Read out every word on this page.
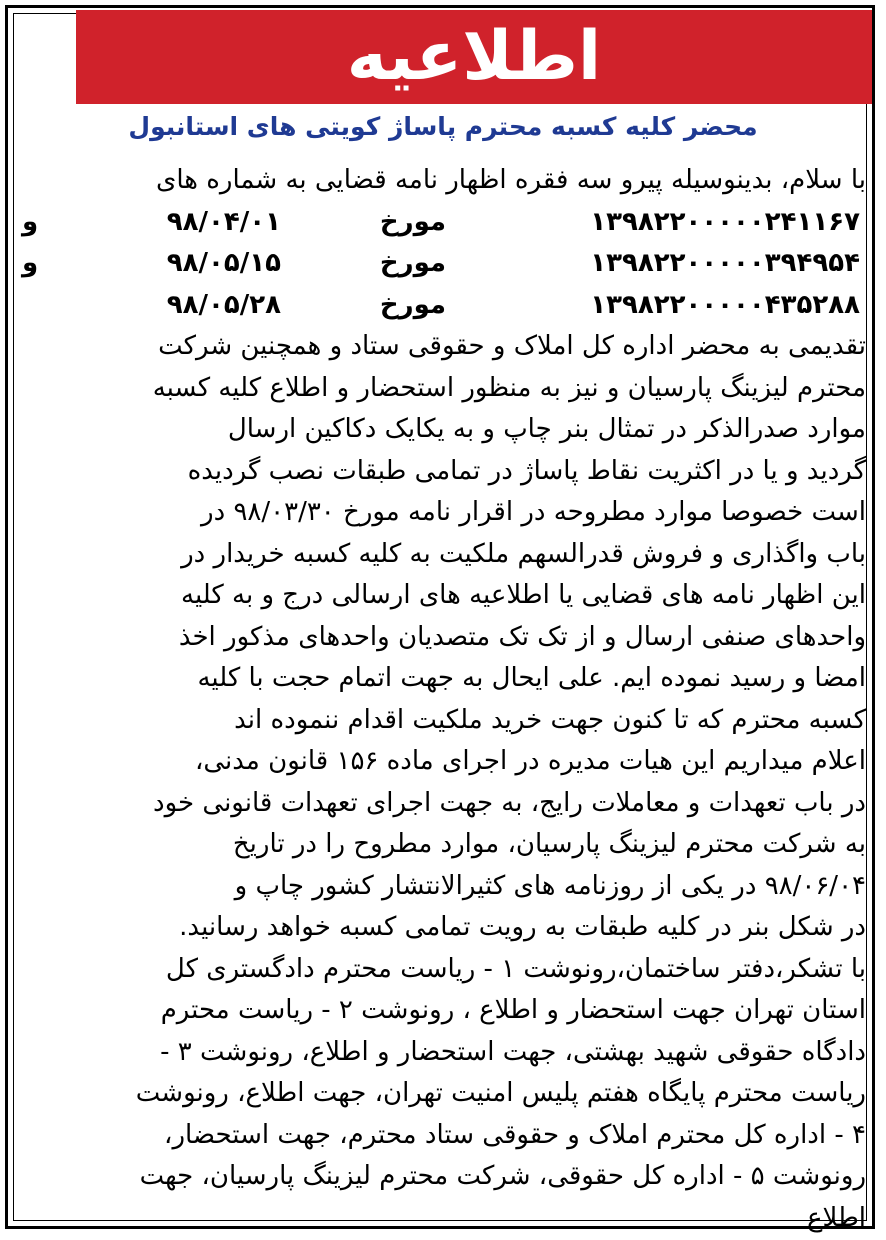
اطلاعیه
محضر کلیه کسبه محترم پاساژ کویتی های استانبول
با سلام، بدینوسیله پیرو سه فقره اظهار نامه قضایی به شماره های
۱۳۹۸۲۲۰۰۰۰۰۲۴۱۱۶۷
مورخ
۹۸/۰۴/۰۱
و
۱۳۹۸۲۲۰۰۰۰۰۳۹۴۹۵۴
مورخ
۹۸/۰۵/۱۵
و
۱۳۹۸۲۲۰۰۰۰۰۴۳۵۲۸۸
مورخ
۹۸/۰۵/۲۸
تقدیمی به محضر اداره کل املاک و حقوقی ستاد و همچنین شرکت
محترم لیزینگ پارسیان و نیز به منظور استحضار و اطلاع کلیه کسبه
موارد صدرالذکر در تمثال بنر چاپ و به یکایک دکاکین ارسال
گردید و یا در اکثریت نقاط پاساژ در تمامی طبقات نصب گردیده
است خصوصا موارد مطروحه در اقرار نامه مورخ ۹۸/۰۳/۳۰ در
باب واگذاری و فروش قدرالسهم ملکیت به کلیه کسبه خریدار در
این اظهار نامه های قضایی یا اطلاعیه های ارسالی درج و به کلیه
واحدهای صنفی ارسال و از تک تک متصدیان واحدهای مذکور اخذ
امضا و رسید نموده ایم. علی ایحال به جهت اتمام حجت با کلیه
کسبه محترم که تا کنون جهت خرید ملکیت اقدام ننموده اند
اعلام میداریم این هیات مدیره در اجرای ماده ۱۵۶ قانون مدنی،
در باب تعهدات و معاملات رایج، به جهت اجرای تعهدات قانونی خود
به شرکت محترم لیزینگ پارسیان، موارد مطروح را در تاریخ
۹۸/۰۶/۰۴ در یکی از روزنامه های کثیرالانتشار کشور چاپ و
در شکل بنر در کلیه طبقات به رویت تمامی کسبه خواهد رسانید.
با تشکر،دفتر ساختمان،رونوشت ۱ - ریاست محترم دادگستری کل
استان تهران جهت استحضار و اطلاع ، رونوشت ۲ - ریاست محترم
دادگاه حقوقی شهید بهشتی، جهت استحضار و اطلاع، رونوشت ۳ -
ریاست محترم پایگاه هفتم پلیس امنیت تهران، جهت اطلاع، رونوشت
۴ - اداره کل محترم املاک و حقوقی ستاد محترم، جهت استحضار،
رونوشت ۵ - اداره کل حقوقی، شرکت محترم لیزینگ پارسیان، جهت
اطلاع
